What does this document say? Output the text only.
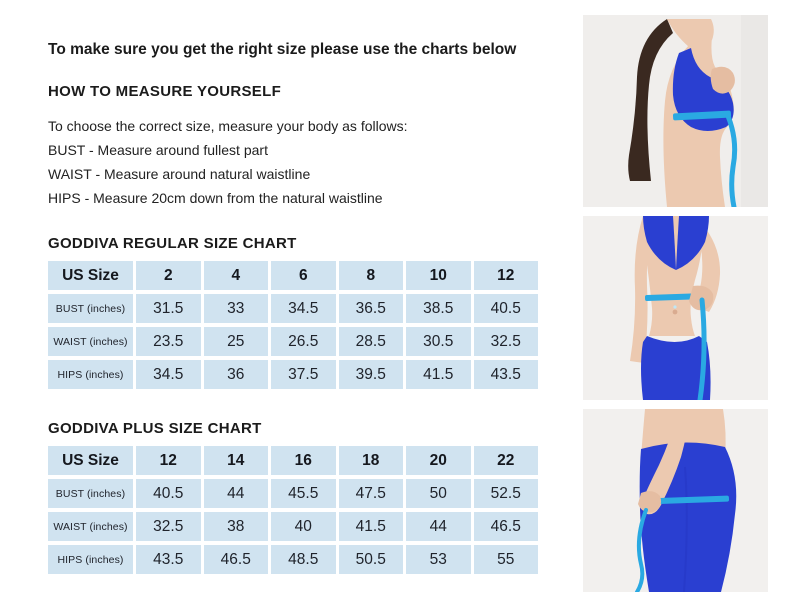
To make sure you get the right size please use the charts below

HOW TO MEASURE YOURSELF

To choose the correct size, measure your body as follows:

BUST - Measure around fullest part

WAIST - Measure around natural waistline

HIPS - Measure 20cm down from the natural waistline

GODDIVA REGULAR SIZE CHART

US Size	2	4	6	8	10	12
BUST (inches)	31.5	33	34.5	36.5	38.5	40.5
WAIST (inches)	23.5	25	26.5	28.5	30.5	32.5
HIPS (inches)	34.5	36	37.5	39.5	41.5	43.5

GODDIVA PLUS SIZE CHART

US Size	12	14	16	18	20	22
BUST (inches)	40.5	44	45.5	47.5	50	52.5
WAIST (inches)	32.5	38	40	41.5	44	46.5
HIPS (inches)	43.5	46.5	48.5	50.5	53	55
